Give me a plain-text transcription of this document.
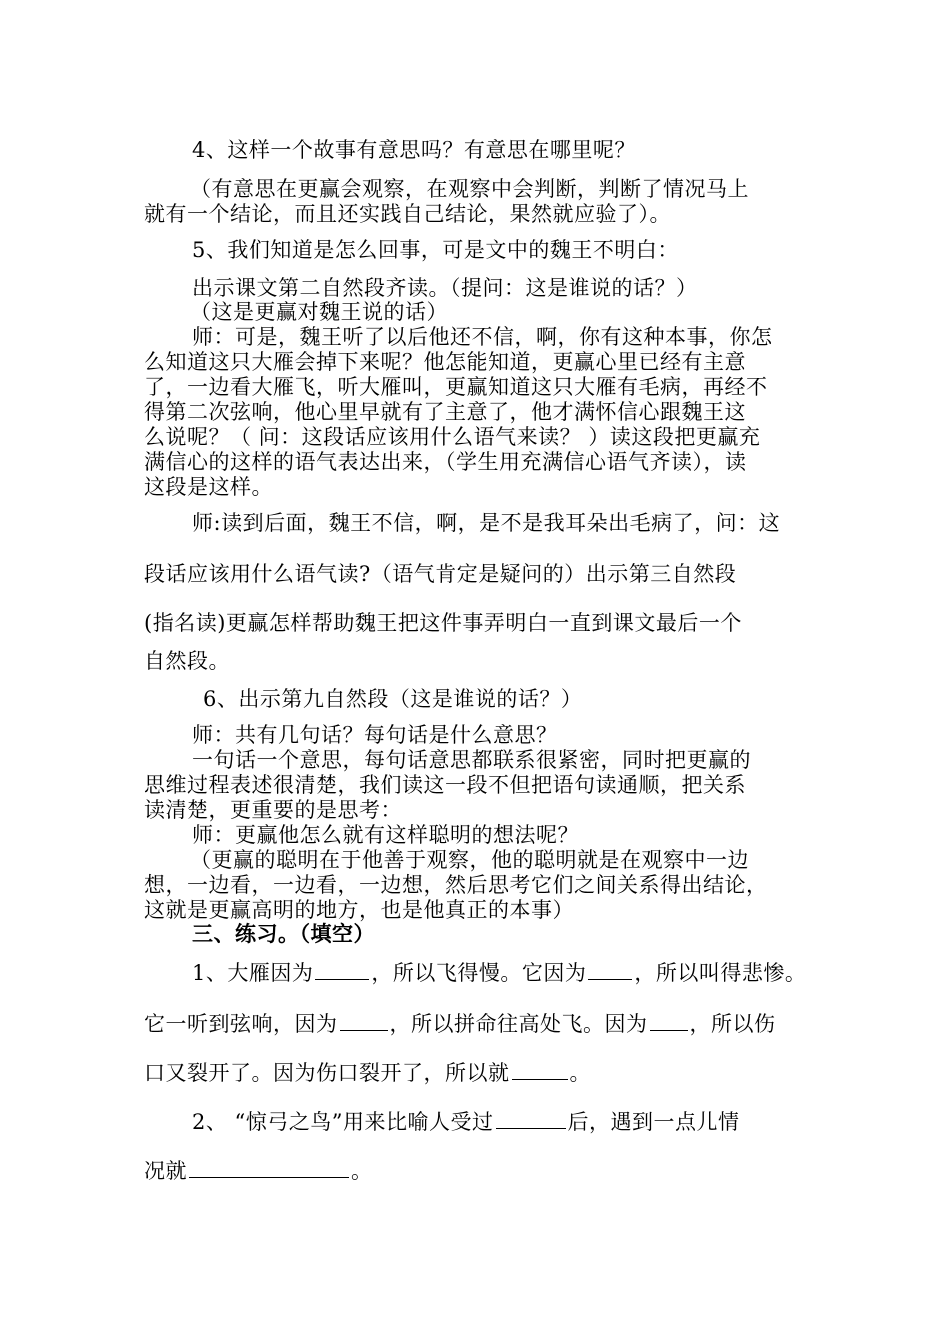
4、这样一个故事有意思吗？有意思在哪里呢？
（有意思在更赢会观察，在观察中会判断，判断了情况马上
就有一个结论，而且还实践自己结论，果然就应验了）。
5、我们知道是怎么回事，可是文中的魏王不明白：
出示课文第二自然段齐读。（提问：这是谁说的话？）
（这是更赢对魏王说的话）
师：可是，魏王听了以后他还不信，啊，你有这种本事，你怎
么知道这只大雁会掉下来呢？他怎能知道，更赢心里已经有主意
了，一边看大雁飞，听大雁叫，更赢知道这只大雁有毛病，再经不
得第二次弦响，他心里早就有了主意了，他才满怀信心跟魏王这
么说呢？（ 问：这段话应该用什么语气来读？ ）读这段把更赢充
满信心的这样的语气表达出来，（学生用充满信心语气齐读），读
这段是这样。
师:读到后面，魏王不信，啊，是不是我耳朵出毛病了，问：这
段话应该用什么语气读?（语气肯定是疑问的）出示第三自然段
(指名读)更赢怎样帮助魏王把这件事弄明白一直到课文最后一个
自然段。
6、出示第九自然段（这是谁说的话？）
师：共有几句话？每句话是什么意思？
一句话一个意思，每句话意思都联系很紧密，同时把更赢的
思维过程表述很清楚，我们读这一段不但把语句读通顺，把关系
读清楚，更重要的是思考：
师：更赢他怎么就有这样聪明的想法呢？
（更赢的聪明在于他善于观察，他的聪明就是在观察中一边
想，一边看，一边看，一边想，然后思考它们之间关系得出结论，
这就是更赢高明的地方，也是他真正的本事）
三、练习。（填空）
1、大雁因为	，所以飞得慢。它因为 ，所以叫得悲惨。
它一听到弦响，因为 ，所以拼命往高处飞。因为 ，所以伤
口又裂开了。因为伤口裂开了，所以就	。
2、 “惊弓之鸟”用来比喻人受过	后，遇到一点儿情
况就	。
